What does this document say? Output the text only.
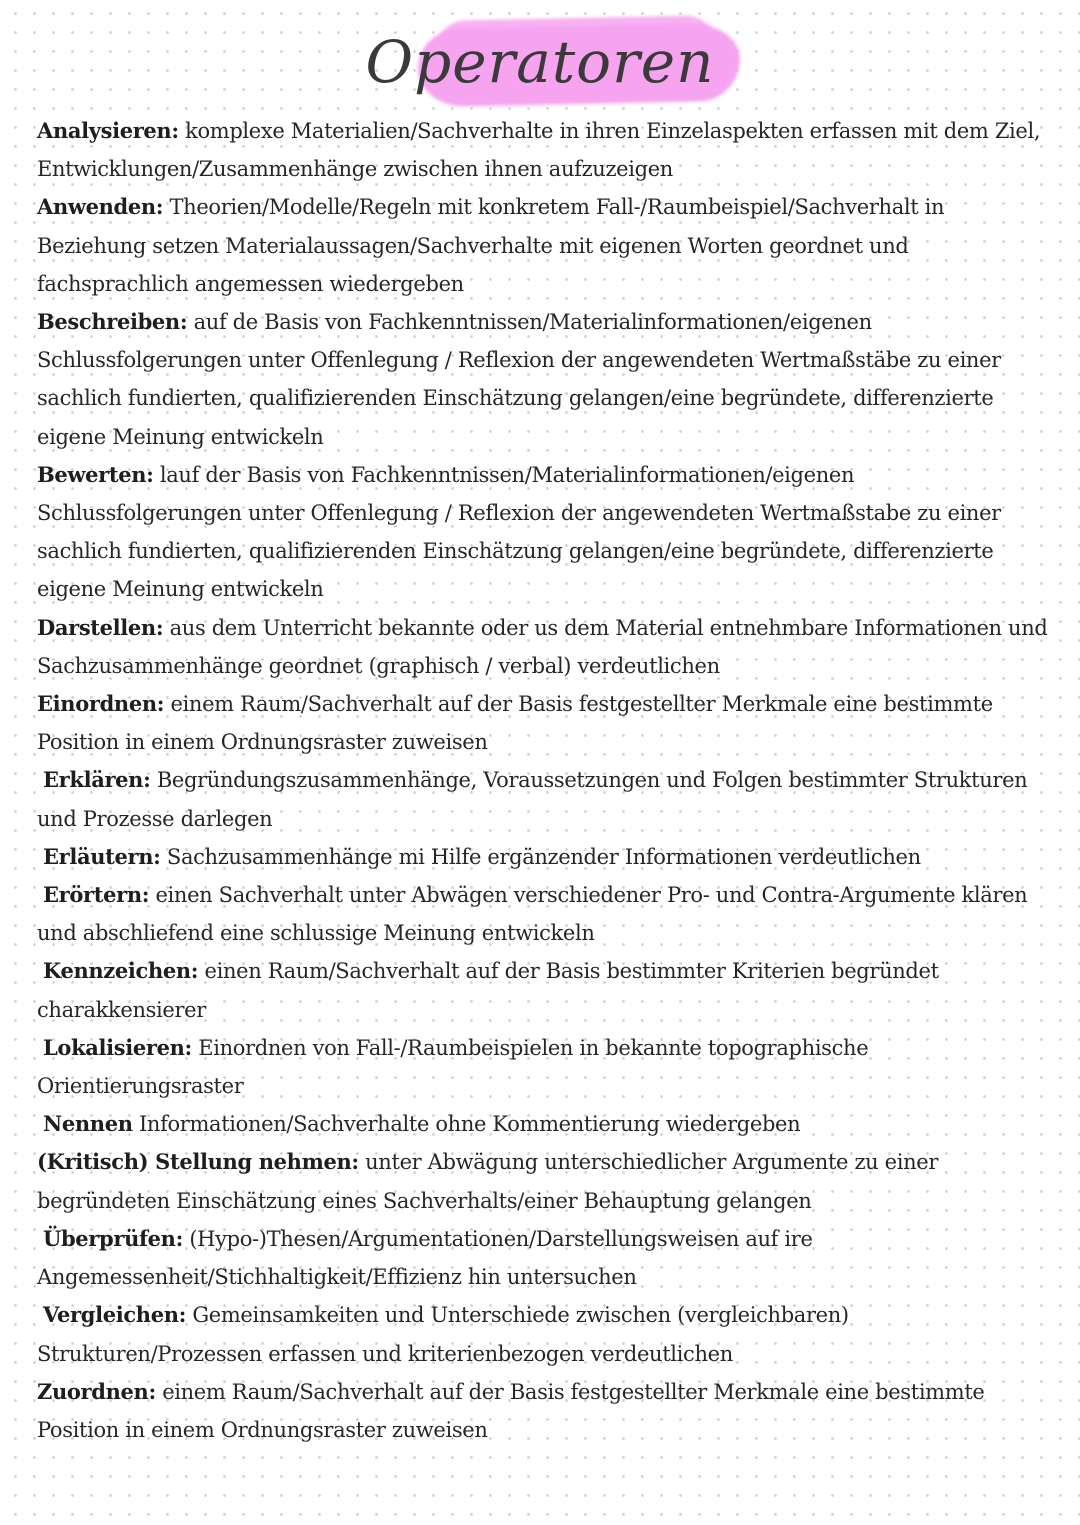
Operatoren

Analysieren: komplexe Materialien/Sachverhalte in ihren Einzelaspekten erfassen mit dem Ziel, Entwicklungen/Zusammenhänge zwischen ihnen aufzuzeigen

Anwenden: Theorien/Modelle/Regeln mit konkretem Fall-/Raumbeispiel/Sachverhalt in Beziehung setzen Materialaussagen/Sachverhalte mit eigenen Worten geordnet und fachsprachlich angemessen wiedergeben

Beschreiben: auf de Basis von Fachkenntnissen/Materialinformationen/eigenen Schlussfolgerungen unter Offenlegung / Reflexion der angewendeten Wertmaßstäbe zu einer sachlich fundierten, qualifizierenden Einschätzung gelangen/eine begründete, differenzierte eigene Meinung entwickeln

Bewerten: lauf der Basis von Fachkenntnissen/Materialinformationen/eigenen Schlussfolgerungen unter Offenlegung / Reflexion der angewendeten Wertmaßstabe zu einer sachlich fundierten, qualifizierenden Einschätzung gelangen/eine begründete, differenzierte eigene Meinung entwickeln

Darstellen: aus dem Unterricht bekannte oder us dem Material entnehmbare Informationen und Sachzusammenhänge geordnet (graphisch / verbal) verdeutlichen

Einordnen: einem Raum/Sachverhalt auf der Basis festgestellter Merkmale eine bestimmte Position in einem Ordnungsraster zuweisen

Erklären: Begründungszusammenhänge, Voraussetzungen und Folgen bestimmter Strukturen und Prozesse darlegen

Erläutern: Sachzusammenhänge mi Hilfe ergänzender Informationen verdeutlichen

Erörtern: einen Sachverhalt unter Abwägen verschiedener Pro- und Contra-Argumente klären und abschliefend eine schlussige Meinung entwickeln

Kennzeichen: einen Raum/Sachverhalt auf der Basis bestimmter Kriterien begründet charakkensierer

Lokalisieren: Einordnen von Fall-/Raumbeispielen in bekannte topographische Orientierungsraster

Nennen Informationen/Sachverhalte ohne Kommentierung wiedergeben

(Kritisch) Stellung nehmen: unter Abwägung unterschiedlicher Argumente zu einer begründeten Einschätzung eines Sachverhalts/einer Behauptung gelangen

Überprüfen: (Hypo-)Thesen/Argumentationen/Darstellungsweisen auf ire Angemessenheit/Stichhaltigkeit/Effizienz hin untersuchen

Vergleichen: Gemeinsamkeiten und Unterschiede zwischen (vergleichbaren) Strukturen/Prozessen erfassen und kriterienbezogen verdeutlichen

Zuordnen: einem Raum/Sachverhalt auf der Basis festgestellter Merkmale eine bestimmte Position in einem Ordnungsraster zuweisen
